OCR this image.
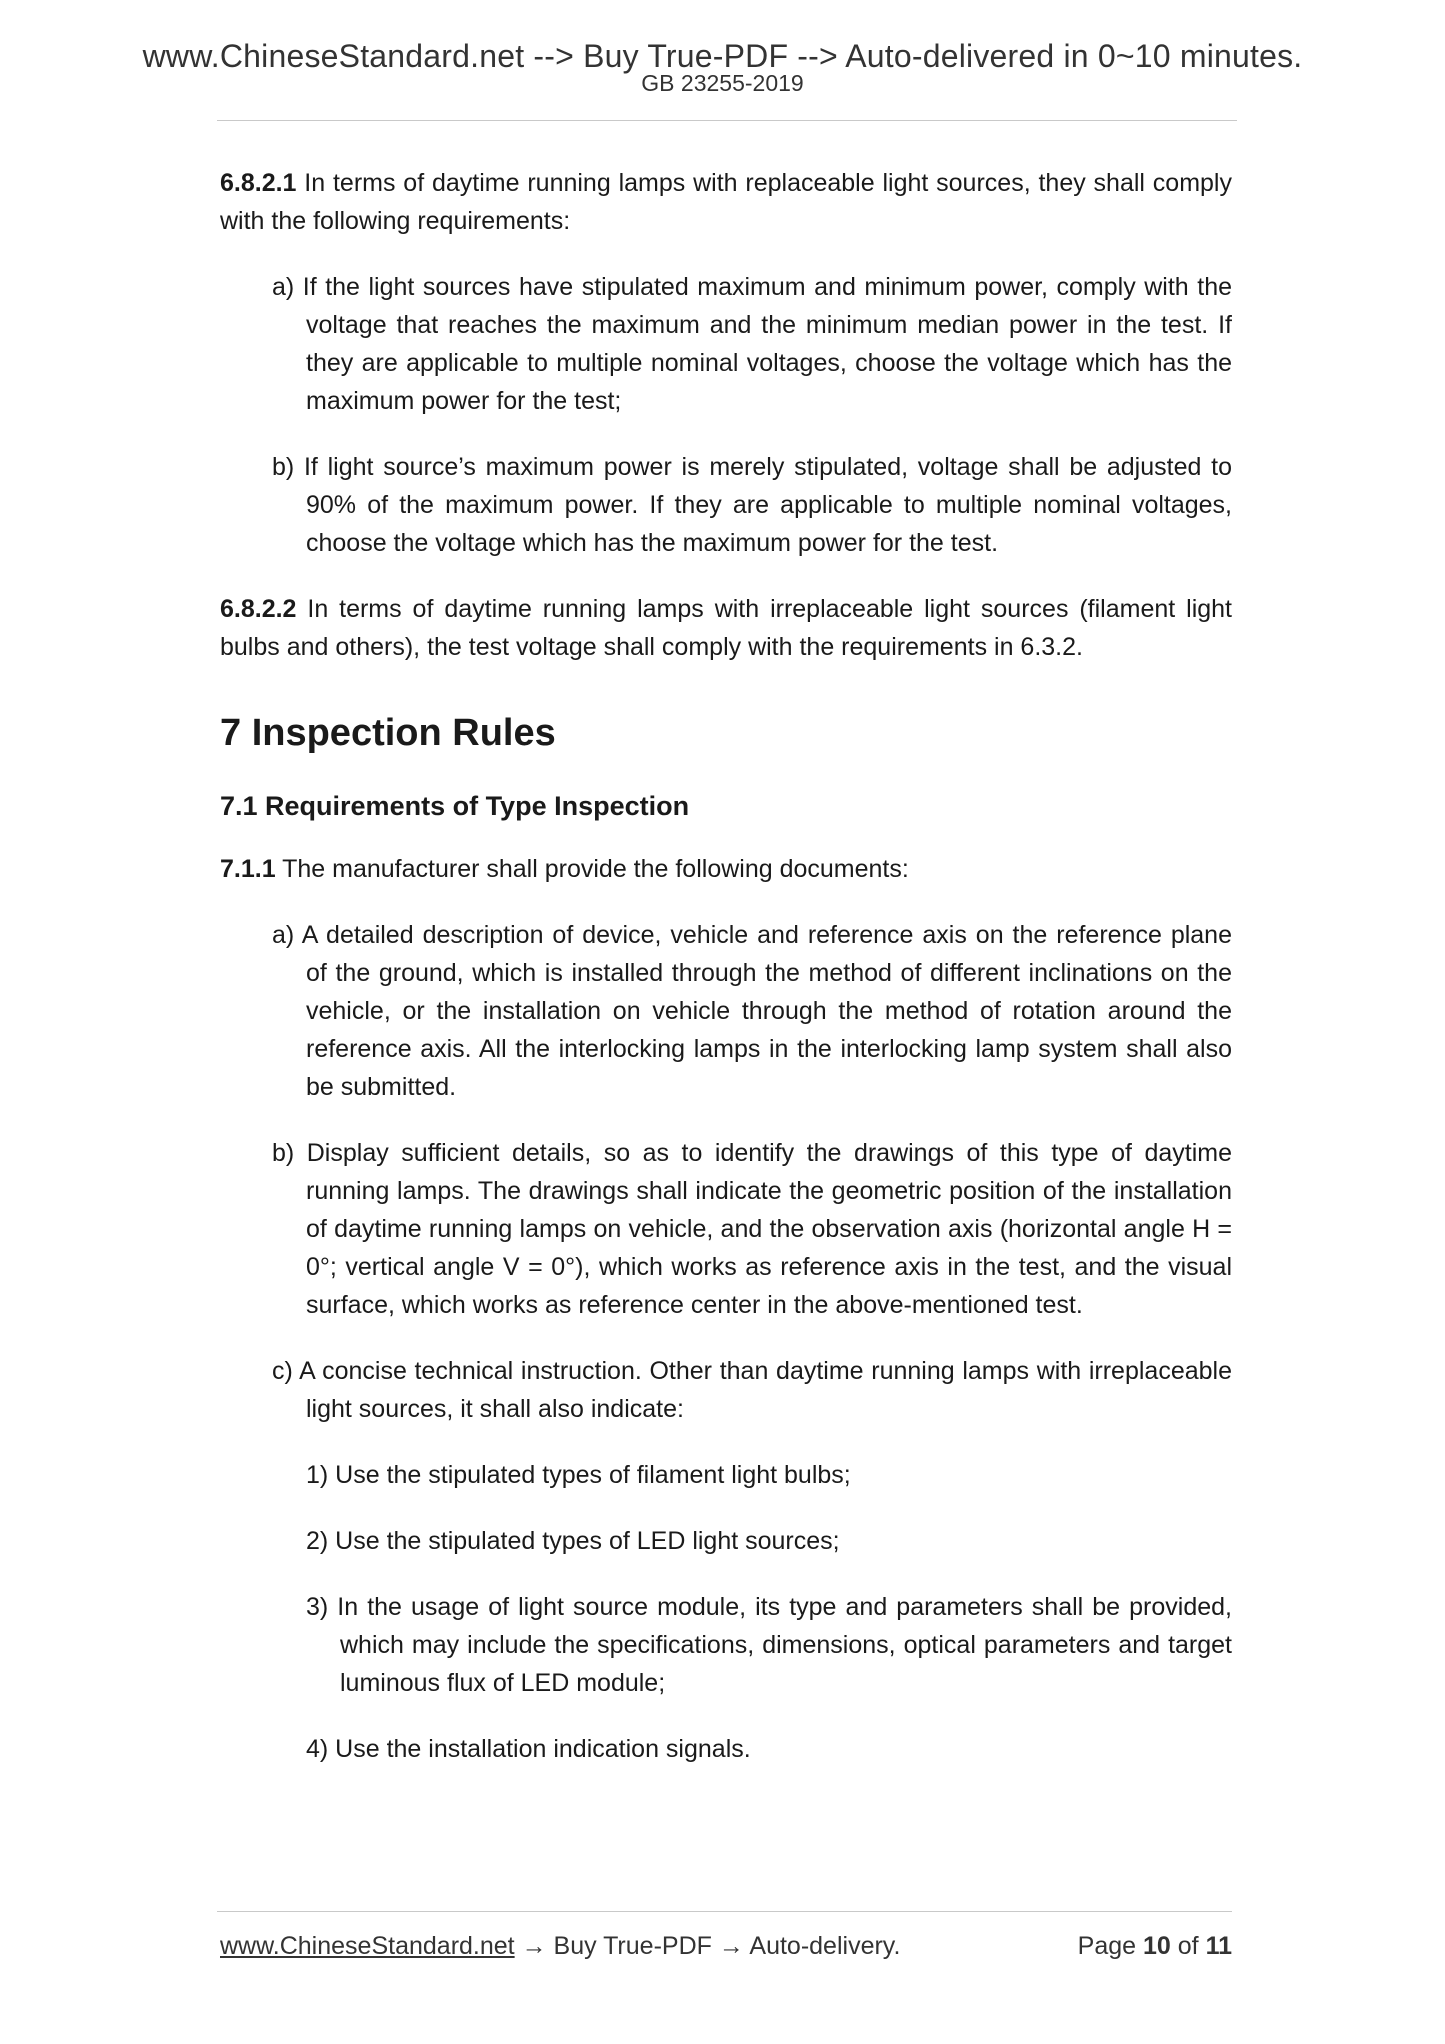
www.ChineseStandard.net --> Buy True-PDF --> Auto-delivered in 0~10 minutes.
GB 23255-2019

6.8.2.1 In terms of daytime running lamps with replaceable light sources, they shall comply with the following requirements:

a) If the light sources have stipulated maximum and minimum power, comply with the voltage that reaches the maximum and the minimum median power in the test. If they are applicable to multiple nominal voltages, choose the voltage which has the maximum power for the test;

b) If light source’s maximum power is merely stipulated, voltage shall be adjusted to 90% of the maximum power. If they are applicable to multiple nominal voltages, choose the voltage which has the maximum power for the test.

6.8.2.2 In terms of daytime running lamps with irreplaceable light sources (filament light bulbs and others), the test voltage shall comply with the requirements in 6.3.2.

7 Inspection Rules
7.1 Requirements of Type Inspection

7.1.1 The manufacturer shall provide the following documents:

a) A detailed description of device, vehicle and reference axis on the reference plane of the ground, which is installed through the method of different inclinations on the vehicle, or the installation on vehicle through the method of rotation around the reference axis. All the interlocking lamps in the interlocking lamp system shall also be submitted.

b) Display sufficient details, so as to identify the drawings of this type of daytime running lamps. The drawings shall indicate the geometric position of the installation of daytime running lamps on vehicle, and the observation axis (horizontal angle H = 0°; vertical angle V = 0°), which works as reference axis in the test, and the visual surface, which works as reference center in the above-mentioned test.

c) A concise technical instruction. Other than daytime running lamps with irreplaceable light sources, it shall also indicate:

1) Use the stipulated types of filament light bulbs;

2) Use the stipulated types of LED light sources;

3) In the usage of light source module, its type and parameters shall be provided, which may include the specifications, dimensions, optical parameters and target luminous flux of LED module;

4) Use the installation indication signals.

www.ChineseStandard.net → Buy True-PDF → Auto-delivery.	Page 10 of 11
